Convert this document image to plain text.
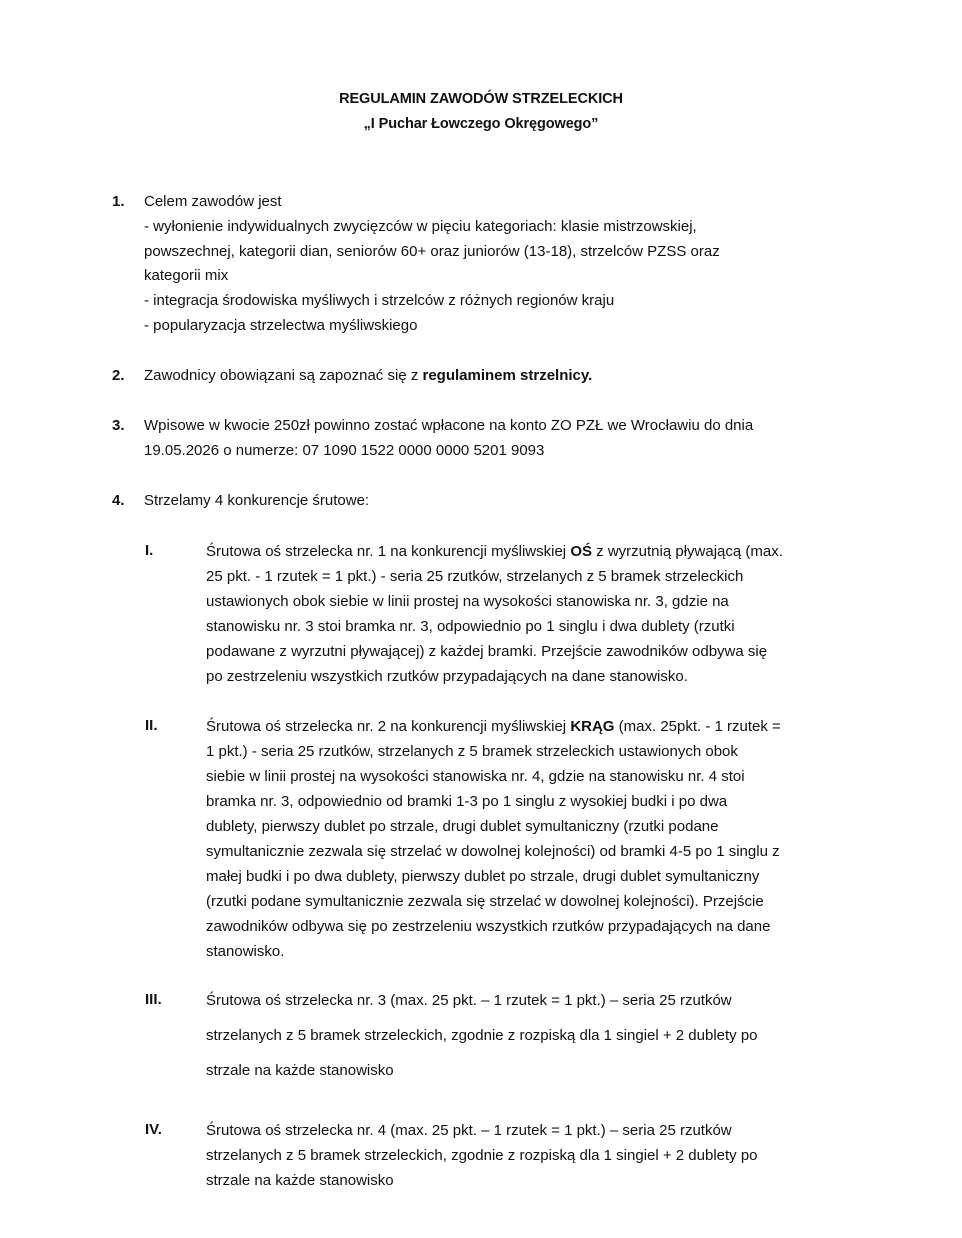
REGULAMIN ZAWODÓW STRZELECKICH
„I Puchar Łowczego Okręgowego”
1. Celem zawodów jest
- wyłonienie indywidualnych zwycięzców w pięciu kategoriach: klasie mistrzowskiej,
powszechnej, kategorii dian, seniorów 60+ oraz juniorów (13-18), strzelców PZSS oraz
kategorii mix
- integracja środowiska myśliwych i strzelców z różnych regionów kraju
- popularyzacja strzelectwa myśliwskiego
2. Zawodnicy obowiązani są zapoznać się z regulaminem strzelnicy.
3. Wpisowe w kwocie 250zł powinno zostać wpłacone na konto ZO PZŁ we Wrocławiu do dnia
19.05.2026 o numerze: 07 1090 1522 0000 0000 5201 9093
4. Strzelamy 4 konkurencje śrutowe:
I.	Śrutowa oś strzelecka nr. 1 na konkurencji myśliwskiej OŚ z wyrzutnią pływającą (max.
25 pkt. - 1 rzutek = 1 pkt.) - seria 25 rzutków, strzelanych z 5 bramek strzeleckich
ustawionych obok siebie w linii prostej na wysokości stanowiska nr. 3, gdzie na
stanowisku nr. 3 stoi bramka nr. 3, odpowiednio po 1 singlu i dwa dublety (rzutki
podawane z wyrzutni pływającej) z każdej bramki. Przejście zawodników odbywa się
po zestrzeleniu wszystkich rzutków przypadających na dane stanowisko.
II.	Śrutowa oś strzelecka nr. 2 na konkurencji myśliwskiej KRĄG (max. 25pkt. - 1 rzutek =
1 pkt.) - seria 25 rzutków, strzelanych z 5 bramek strzeleckich ustawionych obok
siebie w linii prostej na wysokości stanowiska nr. 4, gdzie na stanowisku nr. 4 stoi
bramka nr. 3, odpowiednio od bramki 1-3 po 1 singlu z wysokiej budki i po dwa
dublety, pierwszy dublet po strzale, drugi dublet symultaniczny (rzutki podane
symultanicznie zezwala się strzelać w dowolnej kolejności) od bramki 4-5 po 1 singlu z
małej budki i po dwa dublety, pierwszy dublet po strzale, drugi dublet symultaniczny
(rzutki podane symultanicznie zezwala się strzelać w dowolnej kolejności). Przejście
zawodników odbywa się po zestrzeleniu wszystkich rzutków przypadających na dane
stanowisko.
III.	Śrutowa oś strzelecka nr. 3 (max. 25 pkt. – 1 rzutek = 1 pkt.) – seria 25 rzutków
strzelanych z 5 bramek strzeleckich, zgodnie z rozpiską dla 1 singiel + 2 dublety po
strzale na każde stanowisko
IV.	Śrutowa oś strzelecka nr. 4 (max. 25 pkt. – 1 rzutek = 1 pkt.) – seria 25 rzutków
strzelanych z 5 bramek strzeleckich, zgodnie z rozpiską dla 1 singiel + 2 dublety po
strzale na każde stanowisko
